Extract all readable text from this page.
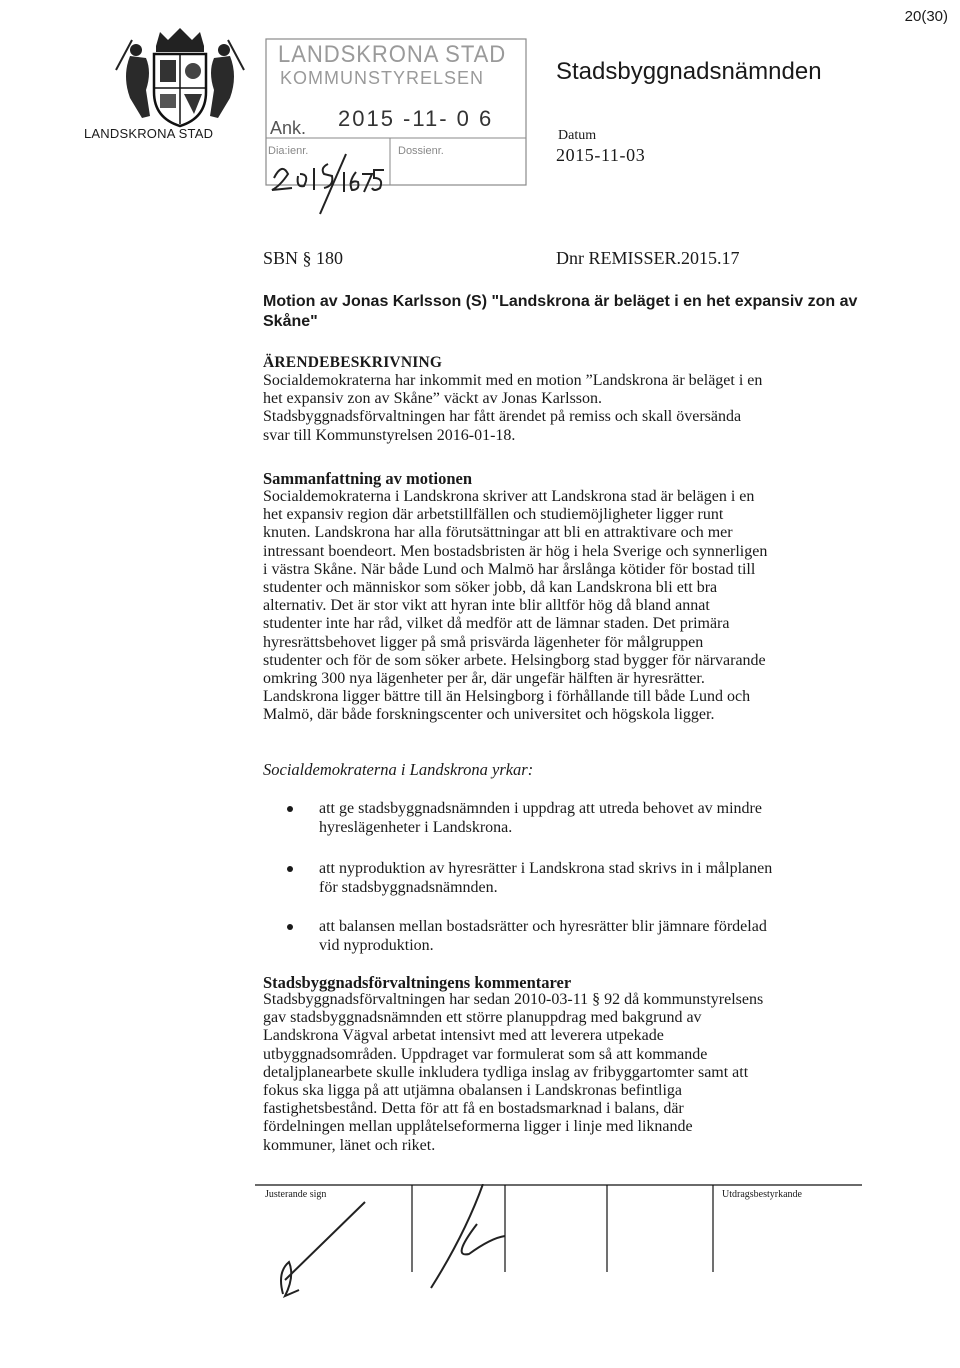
20(30)
LANDSKRONA STAD
LANDSKRONA STAD
KOMMUNSTYRELSEN
Ank. 2015 -11- 0 6
Dia:ienr.	Dossienr.
Stadsbyggnadsnämnden
Datum
2015-11-03
SBN § 180	Dnr REMISSER.2015.17
Motion av Jonas Karlsson (S) "Landskrona är beläget i en het expansiv zon av Skåne"
ÄRENDEBESKRIVNING
Socialdemokraterna har inkommit med en motion ”Landskrona är beläget i en
het expansiv zon av Skåne” väckt av Jonas Karlsson.
Stadsbyggnadsförvaltningen har fått ärendet på remiss och skall översända
svar till Kommunstyrelsen 2016-01-18.
Sammanfattning av motionen
Socialdemokraterna i Landskrona skriver att Landskrona stad är belägen i en
het expansiv region där arbetstillfällen och studiemöjligheter ligger runt
knuten. Landskrona har alla förutsättningar att bli en attraktivare och mer
intressant boendeort. Men bostadsbristen är hög i hela Sverige och synnerligen
i västra Skåne. När både Lund och Malmö har årslånga kötider för bostad till
studenter och människor som söker jobb, då kan Landskrona bli ett bra
alternativ. Det är stor vikt att hyran inte blir alltför hög då bland annat
studenter inte har råd, vilket då medför att de lämnar staden. Det primära
hyresrättsbehovet ligger på små prisvärda lägenheter för målgruppen
studenter och för de som söker arbete. Helsingborg stad bygger för närvarande
omkring 300 nya lägenheter per år, där ungefär hälften är hyresrätter.
Landskrona ligger bättre till än Helsingborg i förhållande till både Lund och
Malmö, där både forskningscenter och universitet och högskola ligger.
Socialdemokraterna i Landskrona yrkar:
att ge stadsbyggnadsnämnden i uppdrag att utreda behovet av mindre
hyreslägenheter i Landskrona.
att nyproduktion av hyresrätter i Landskrona stad skrivs in i målplanen
för stadsbyggnadsnämnden.
att balansen mellan bostadsrätter och hyresrätter blir jämnare fördelad
vid nyproduktion.
Stadsbyggnadsförvaltningens kommentarer
Stadsbyggnadsförvaltningen har sedan 2010-03-11 § 92 då kommunstyrelsens
gav stadsbyggnadsnämnden ett större planuppdrag med bakgrund av
Landskrona Vägval arbetat intensivt med att leverera utpekade
utbyggnadsområden. Uppdraget var formulerat som så att kommande
detaljplanearbete skulle inkludera tydliga inslag av fribyggartomter samt att
fokus ska ligga på att utjämna obalansen i Landskronas befintliga
fastighetsbestånd. Detta för att få en bostadsmarknad i balans, där
fördelningen mellan upplåtelseformerna ligger i linje med liknande
kommuner, länet och riket.
Justerande sign	Utdragsbestyrkande
